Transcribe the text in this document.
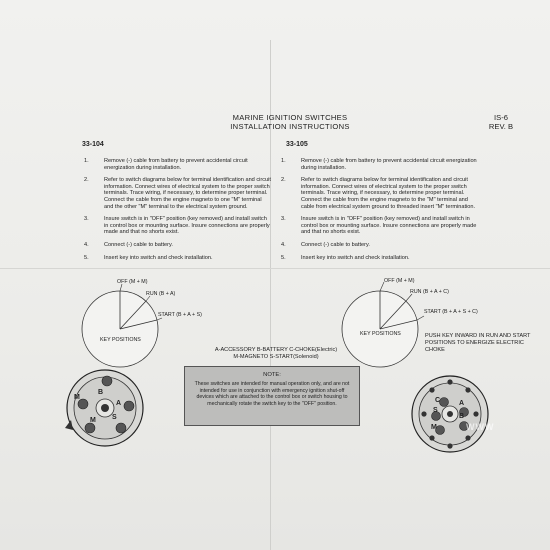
MARINE IGNITION SWITCHES
INSTALLATION INSTRUCTIONS
IS-6
REV. B
33-104
1.	Remove (-) cable from battery to prevent accidental circuit energization during installation.
2.	Refer to switch diagrams below for terminal identification and circuit information. Connect wires of electrical system to the proper switch terminals. Trace wiring, if necessary, to determine proper terminal. Connect the cable from the engine magneto to one "M" terminal and the other "M" terminal to the electrical system ground.
3.	Insure switch is in "OFF" position (key removed) and install switch in control box or mounting surface. Insure connections are properly made and that no shorts exist.
4.	Connect (-) cable to battery.
5.	Insert key into switch and check installation.
OFF (M + M)
RUN (B + A)
START (B + A + S)
KEY POSITIONS
B
M
M
A
S
33-105
1.	Remove (-) cable from battery to prevent accidental circuit energization during installation.
2.	Refer to switch diagrams below for terminal identification and circuit information. Connect wires of electrical system to the proper switch terminals. Trace wiring, if necessary, to determine proper terminal. Connect the cable from the engine magneto to the "M" terminal and cable from electrical system ground to threaded insert "M" termination.
3.	Insure switch is in "OFF" position (key removed) and install switch in control box or mounting surface. Insure connections are properly made and that no shorts exist.
4.	Connect (-) cable to battery.
5.	Insert key into switch and check installation.
OFF (M + M)
RUN (B + A + C)
START (B + A + S + C)
KEY POSITIONS	PUSH KEY INWARD IN RUN AND START POSITIONS TO ENERGIZE ELECTRIC CHOKE
C
S
A
B
M
A-ACCESSORY B-BATTERY C-CHOKE(Electric)
M-MAGNETO S-START(Solenoid)
NOTE:
These switches are intended for manual operation only, and are not intended for use in conjunction with emergency ignition shut-off devices which are attached to the control box or switch housing to mechanically rotate the switch key to the "OFF" position.
WWW
